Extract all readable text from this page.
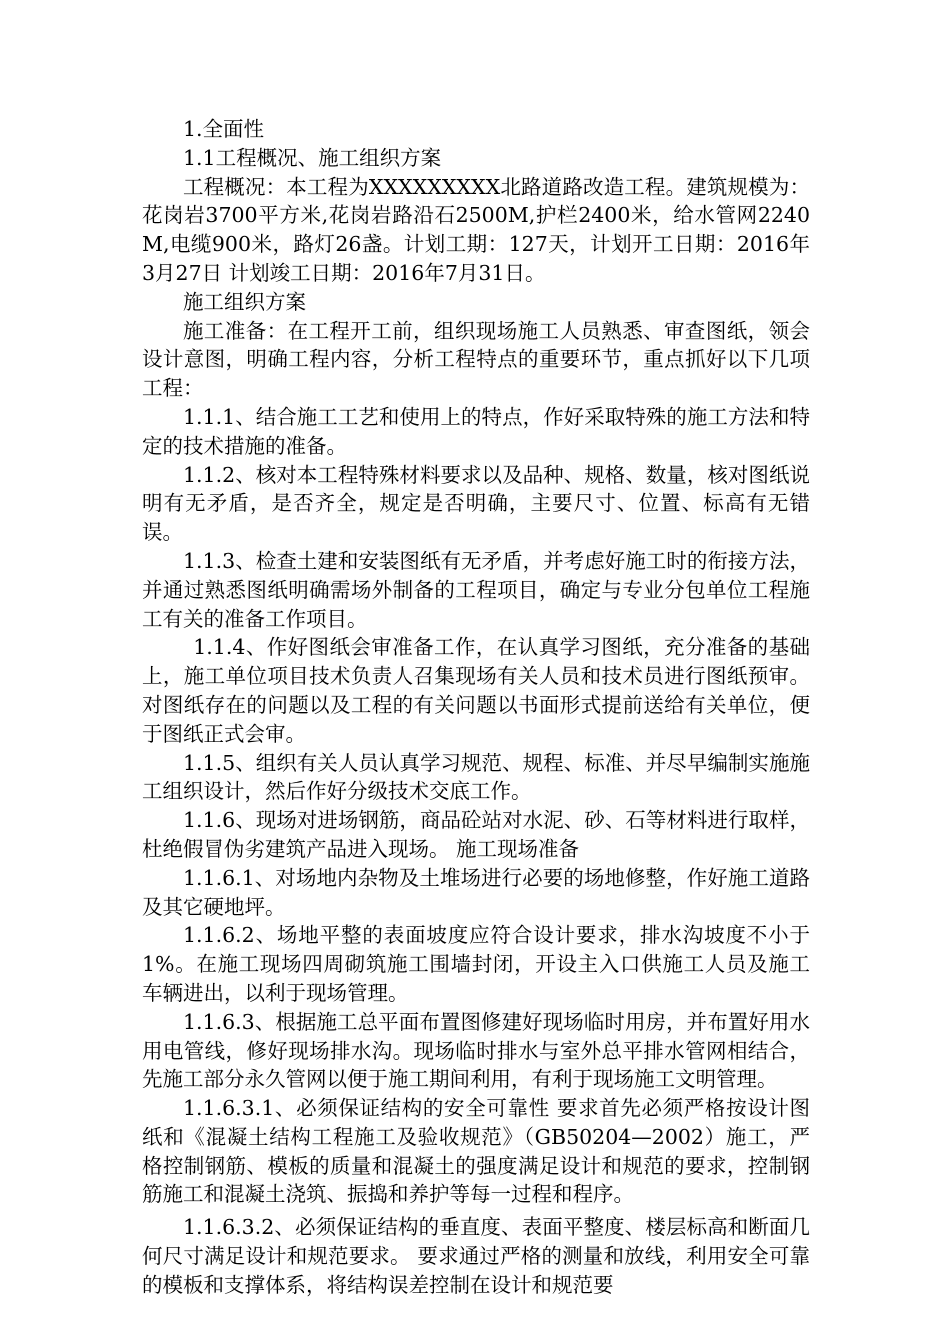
1.全面性

1.1工程概况、施工组织方案

工程概况：本工程为XXXXXXXXX北路道路改造工程。建筑规模为：花岗岩3700平方米,花岗岩路沿石2500M,护栏2400米，给水管网2240M,电缆900米，路灯26盏。计划工期：127天，计划开工日期：2016年3月27日 计划竣工日期：2016年7月31日。

施工组织方案

施工准备：在工程开工前，组织现场施工人员熟悉、审查图纸，领会设计意图，明确工程内容，分析工程特点的重要环节，重点抓好以下几项工程：

1.1.1、结合施工工艺和使用上的特点，作好采取特殊的施工方法和特定的技术措施的准备。

1.1.2、核对本工程特殊材料要求以及品种、规格、数量，核对图纸说明有无矛盾，是否齐全，规定是否明确，主要尺寸、位置、标高有无错误。

1.1.3、检查土建和安装图纸有无矛盾，并考虑好施工时的衔接方法，并通过熟悉图纸明确需场外制备的工程项目，确定与专业分包单位工程施工有关的准备工作项目。

1.1.4、作好图纸会审准备工作，在认真学习图纸，充分准备的基础上，施工单位项目技术负责人召集现场有关人员和技术员进行图纸预审。对图纸存在的问题以及工程的有关问题以书面形式提前送给有关单位，便于图纸正式会审。

1.1.5、组织有关人员认真学习规范、规程、标准、并尽早编制实施施工组织设计，然后作好分级技术交底工作。

1.1.6、现场对进场钢筋，商品砼站对水泥、砂、石等材料进行取样，杜绝假冒伪劣建筑产品进入现场。 施工现场准备

1.1.6.1、对场地内杂物及土堆场进行必要的场地修整，作好施工道路及其它硬地坪。

1.1.6.2、场地平整的表面坡度应符合设计要求，排水沟坡度不小于1%。在施工现场四周砌筑施工围墙封闭，开设主入口供施工人员及施工车辆进出，以利于现场管理。

1.1.6.3、根据施工总平面布置图修建好现场临时用房，并布置好用水用电管线，修好现场排水沟。现场临时排水与室外总平排水管网相结合，先施工部分永久管网以便于施工期间利用，有利于现场施工文明管理。

1.1.6.3.1、必须保证结构的安全可靠性 要求首先必须严格按设计图纸和《混凝土结构工程施工及验收规范》（GB50204—2002）施工，严格控制钢筋、模板的质量和混凝土的强度满足设计和规范的要求，控制钢筋施工和混凝土浇筑、振捣和养护等每一过程和程序。

1.1.6.3.2、必须保证结构的垂直度、表面平整度、楼层标高和断面几何尺寸满足设计和规范要求。 要求通过严格的测量和放线，利用安全可靠的模板和支撑体系，将结构误差控制在设计和规范要
